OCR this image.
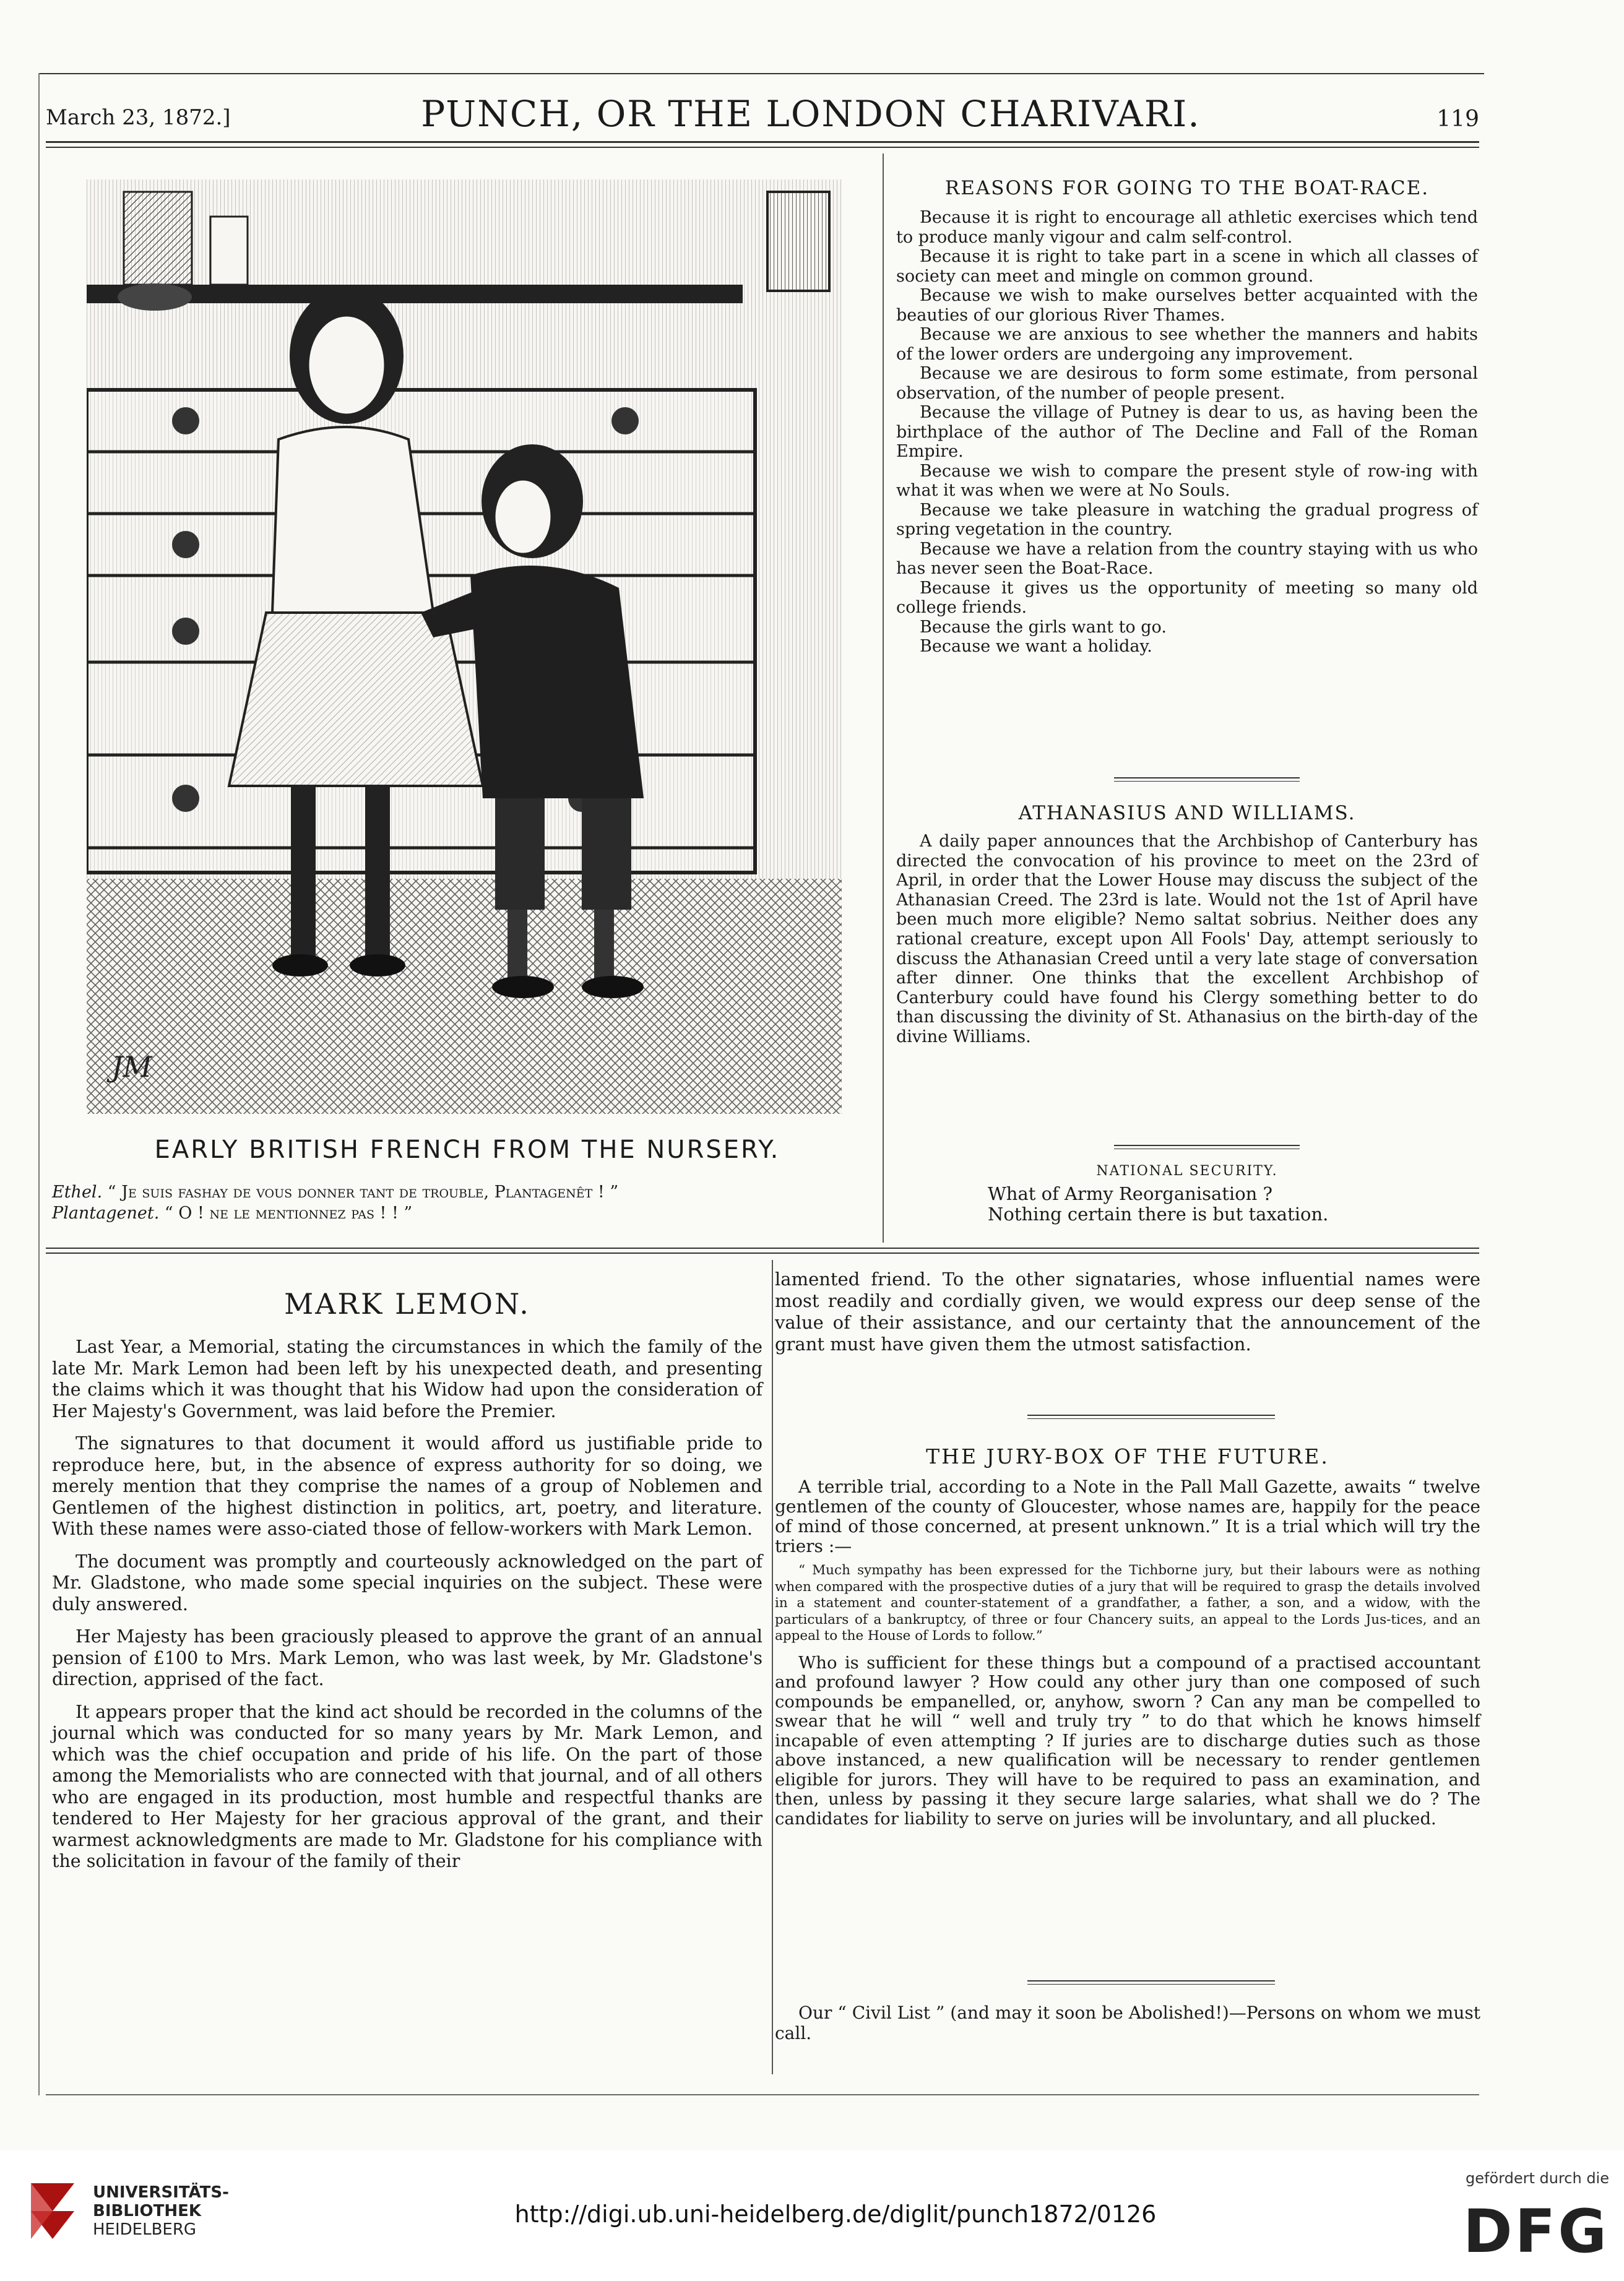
March 23, 1872.]	PUNCH, OR THE LONDON CHARIVARI.	119
JM
EARLY BRITISH FRENCH FROM THE NURSERY.
Ethel. “ Je suis fashay de vous donner tant de trouble, Plantagenêt ! ”
Plantagenet. “ O ! ne le mentionnez pas ! ! ”
REASONS FOR GOING TO THE BOAT-RACE.

Because it is right to encourage all athletic exercises which tend to produce manly vigour and calm self-control.

Because it is right to take part in a scene in which all classes of society can meet and mingle on common ground.

Because we wish to make ourselves better acquainted with the beauties of our glorious River Thames.

Because we are anxious to see whether the manners and habits of the lower orders are undergoing any improvement.

Because we are desirous to form some estimate, from personal observation, of the number of people present.

Because the village of Putney is dear to us, as having been the birthplace of the author of The Decline and Fall of the Roman Empire.

Because we wish to compare the present style of row-ing with what it was when we were at No Souls.

Because we take pleasure in watching the gradual progress of spring vegetation in the country.

Because we have a relation from the country staying with us who has never seen the Boat-Race.

Because it gives us the opportunity of meeting so many old college friends.

Because the girls want to go.

Because we want a holiday.

ATHANASIUS AND WILLIAMS.

A daily paper announces that the Archbishop of Canterbury has directed the convocation of his province to meet on the 23rd of April, in order that the Lower House may discuss the subject of the Athanasian Creed. The 23rd is late. Would not the 1st of April have been much more eligible? Nemo saltat sobrius. Neither does any rational creature, except upon All Fools' Day, attempt seriously to discuss the Athanasian Creed until a very late stage of conversation after dinner. One thinks that the excellent Archbishop of Canterbury could have found his Clergy something better to do than discussing the divinity of St. Athanasius on the birth-day of the divine Williams.

NATIONAL SECURITY.
What of Army Reorganisation ?
Nothing certain there is but taxation.
MARK LEMON.

Last Year, a Memorial, stating the circumstances in which the family of the late Mr. Mark Lemon had been left by his unexpected death, and presenting the claims which it was thought that his Widow had upon the consideration of Her Majesty's Government, was laid before the Premier.

The signatures to that document it would afford us justifiable pride to reproduce here, but, in the absence of express authority for so doing, we merely mention that they comprise the names of a group of Noblemen and Gentlemen of the highest distinction in politics, art, poetry, and literature. With these names were asso-ciated those of fellow-workers with Mark Lemon.

The document was promptly and courteously acknowledged on the part of Mr. Gladstone, who made some special inquiries on the subject. These were duly answered.

Her Majesty has been graciously pleased to approve the grant of an annual pension of £100 to Mrs. Mark Lemon, who was last week, by Mr. Gladstone's direction, apprised of the fact.

It appears proper that the kind act should be recorded in the columns of the journal which was conducted for so many years by Mr. Mark Lemon, and which was the chief occupation and pride of his life. On the part of those among the Memorialists who are connected with that journal, and of all others who are engaged in its production, most humble and respectful thanks are tendered to Her Majesty for her gracious approval of the grant, and their warmest acknowledgments are made to Mr. Gladstone for his compliance with the solicitation in favour of the family of their

lamented friend. To the other signataries, whose influential names were most readily and cordially given, we would express our deep sense of the value of their assistance, and our certainty that the announcement of the grant must have given them the utmost satisfaction.

THE JURY-BOX OF THE FUTURE.

A terrible trial, according to a Note in the Pall Mall Gazette, awaits “ twelve gentlemen of the county of Gloucester, whose names are, happily for the peace of mind of those concerned, at present unknown.” It is a trial which will try the triers :—

“ Much sympathy has been expressed for the Tichborne jury, but their labours were as nothing when compared with the prospective duties of a jury that will be required to grasp the details involved in a statement and counter-statement of a grandfather, a father, a son, and a widow, with the particulars of a bankruptcy, of three or four Chancery suits, an appeal to the Lords Jus-tices, and an appeal to the House of Lords to follow.”

Who is sufficient for these things but a compound of a practised accountant and profound lawyer ? How could any other jury than one composed of such compounds be empanelled, or, anyhow, sworn ? Can any man be compelled to swear that he will “ well and truly try ” to do that which he knows himself incapable of even attempting ? If juries are to discharge duties such as those above instanced, a new qualification will be necessary to render gentlemen eligible for jurors. They will have to be required to pass an examination, and then, unless by passing it they secure large salaries, what shall we do ? The candidates for liability to serve on juries will be involuntary, and all plucked.

Our “ Civil List ” (and may it soon be Abolished!)—Persons on whom we must call.

UNIVERSITÄTS-
BIBLIOTHEK
HEIDELBERG
http://digi.ub.uni-heidelberg.de/diglit/punch1872/0126
gefördert durch die
DFG
